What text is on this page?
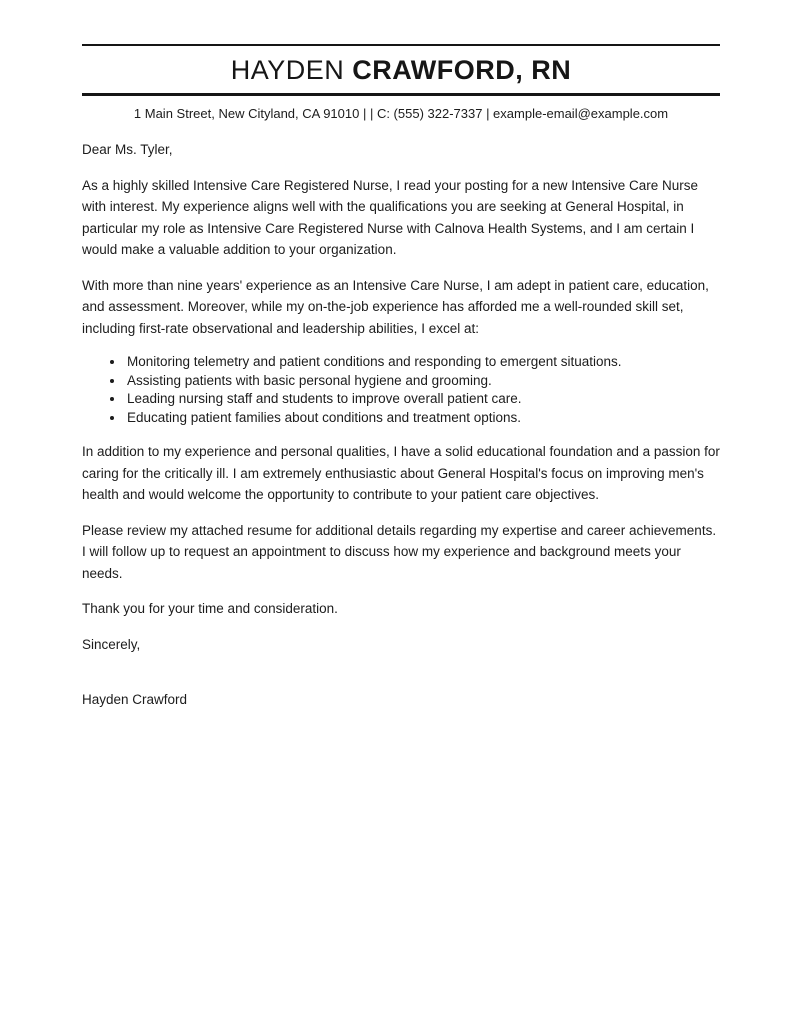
HAYDEN CRAWFORD, RN

1 Main Street, New Cityland, CA 91010 | | C: (555) 322-7337 | example-email@example.com

Dear Ms. Tyler,

As a highly skilled Intensive Care Registered Nurse, I read your posting for a new Intensive Care Nurse with interest. My experience aligns well with the qualifications you are seeking at General Hospital, in particular my role as Intensive Care Registered Nurse with Calnova Health Systems, and I am certain I would make a valuable addition to your organization.

With more than nine years' experience as an Intensive Care Nurse, I am adept in patient care, education, and assessment. Moreover, while my on-the-job experience has afforded me a well-rounded skill set, including first-rate observational and leadership abilities, I excel at:

• Monitoring telemetry and patient conditions and responding to emergent situations.
• Assisting patients with basic personal hygiene and grooming.
• Leading nursing staff and students to improve overall patient care.
• Educating patient families about conditions and treatment options.

In addition to my experience and personal qualities, I have a solid educational foundation and a passion for caring for the critically ill. I am extremely enthusiastic about General Hospital's focus on improving men's health and would welcome the opportunity to contribute to your patient care objectives.

Please review my attached resume for additional details regarding my expertise and career achievements. I will follow up to request an appointment to discuss how my experience and background meets your needs.

Thank you for your time and consideration.

Sincerely,

Hayden Crawford
